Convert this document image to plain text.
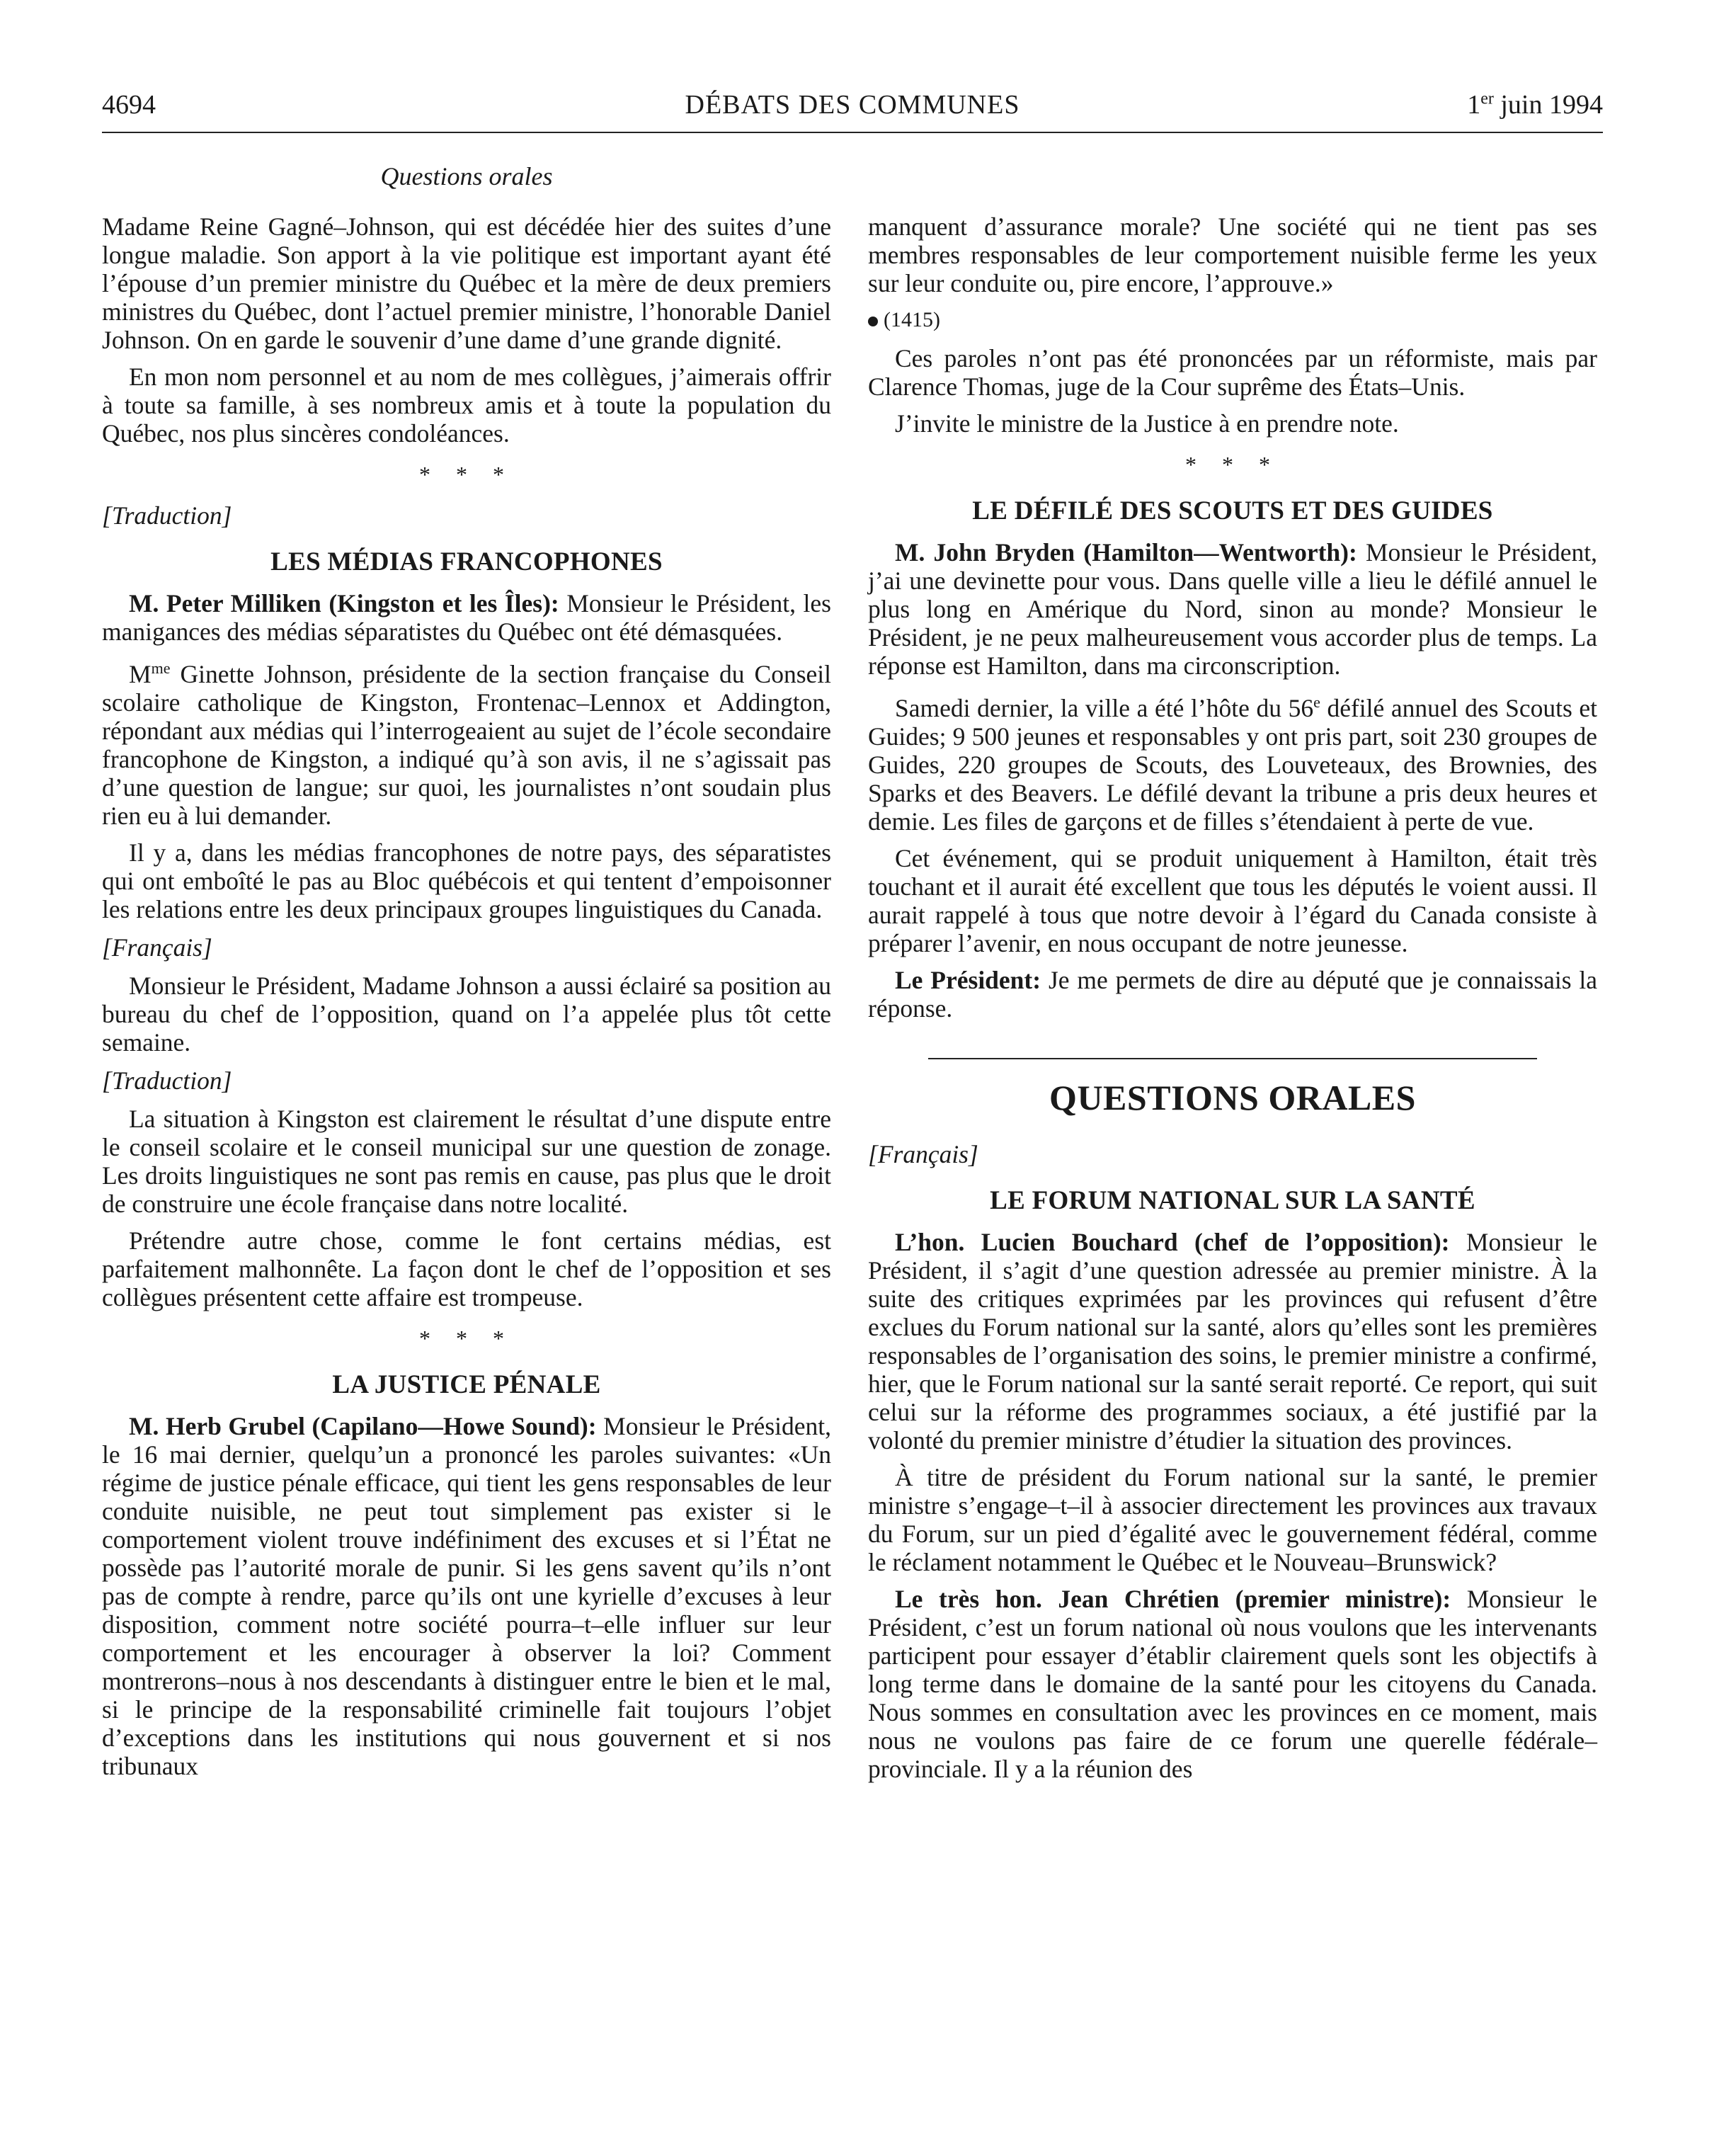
4694	DÉBATS DES COMMUNES	1er juin 1994
Questions orales

Madame Reine Gagné–Johnson, qui est décédée hier des suites d’une longue maladie. Son apport à la vie politique est important ayant été l’épouse d’un premier ministre du Québec et la mère de deux premiers ministres du Québec, dont l’actuel premier ministre, l’honorable Daniel Johnson. On en garde le souvenir d’une dame d’une grande dignité.

En mon nom personnel et au nom de mes collègues, j’aimerais offrir à toute sa famille, à ses nombreux amis et à toute la population du Québec, nos plus sincères condoléances.

* * *
[Traduction]
LES MÉDIAS FRANCOPHONES

M. Peter Milliken (Kingston et les Îles): Monsieur le Président, les manigances des médias séparatistes du Québec ont été démasquées.

$M^{me}$ Ginette Johnson, présidente de la section française du Conseil scolaire catholique de Kingston, Frontenac–Lennox et Addington, répondant aux médias qui l’interrogeaient au sujet de l’école secondaire francophone de Kingston, a indiqué qu’à son avis, il ne s’agissait pas d’une question de langue; sur quoi, les journalistes n’ont soudain plus rien eu à lui demander.

Il y a, dans les médias francophones de notre pays, des séparatistes qui ont emboîté le pas au Bloc québécois et qui tentent d’empoisonner les relations entre les deux principaux groupes linguistiques du Canada.

[Français]

Monsieur le Président, Madame Johnson a aussi éclairé sa position au bureau du chef de l’opposition, quand on l’a appelée plus tôt cette semaine.

[Traduction]

La situation à Kingston est clairement le résultat d’une dispute entre le conseil scolaire et le conseil municipal sur une question de zonage. Les droits linguistiques ne sont pas remis en cause, pas plus que le droit de construire une école française dans notre localité.

Prétendre autre chose, comme le font certains médias, est parfaitement malhonnête. La façon dont le chef de l’opposition et ses collègues présentent cette affaire est trompeuse.

* * *
LA JUSTICE PÉNALE

M. Herb Grubel (Capilano—Howe Sound): Monsieur le Président, le 16 mai dernier, quelqu’un a prononcé les paroles suivantes: «Un régime de justice pénale efficace, qui tient les gens responsables de leur conduite nuisible, ne peut tout simplement pas exister si le comportement violent trouve indéfiniment des excuses et si l’État ne possède pas l’autorité morale de punir. Si les gens savent qu’ils n’ont pas de compte à rendre, parce qu’ils ont une kyrielle d’excuses à leur disposition, comment notre société pourra–t–elle influer sur leur comportement et les encourager à observer la loi? Comment montrerons–nous à nos descendants à distinguer entre le bien et le mal, si le principe de la responsabilité criminelle fait toujours l’objet d’exceptions dans les institutions qui nous gouvernent et si nos tribunaux

manquent d’assurance morale? Une société qui ne tient pas ses membres responsables de leur comportement nuisible ferme les yeux sur leur conduite ou, pire encore, l’approuve.»

(1415)

Ces paroles n’ont pas été prononcées par un réformiste, mais par Clarence Thomas, juge de la Cour suprême des États–Unis.

J’invite le ministre de la Justice à en prendre note.

* * *
LE DÉFILÉ DES SCOUTS ET DES GUIDES

M. John Bryden (Hamilton—Wentworth): Monsieur le Président, j’ai une devinette pour vous. Dans quelle ville a lieu le défilé annuel le plus long en Amérique du Nord, sinon au monde? Monsieur le Président, je ne peux malheureusement vous accorder plus de temps. La réponse est Hamilton, dans ma circonscription.

Samedi dernier, la ville a été l’hôte du 56e défilé annuel des Scouts et Guides; 9 500 jeunes et responsables y ont pris part, soit 230 groupes de Guides, 220 groupes de Scouts, des Louveteaux, des Brownies, des Sparks et des Beavers. Le défilé devant la tribune a pris deux heures et demie. Les files de garçons et de filles s’étendaient à perte de vue.

Cet événement, qui se produit uniquement à Hamilton, était très touchant et il aurait été excellent que tous les députés le voient aussi. Il aurait rappelé à tous que notre devoir à l’égard du Canada consiste à préparer l’avenir, en nous occupant de notre jeunesse.

Le Président: Je me permets de dire au député que je connaissais la réponse.

QUESTIONS ORALES
[Français]
LE FORUM NATIONAL SUR LA SANTÉ

L’hon. Lucien Bouchard (chef de l’opposition): Monsieur le Président, il s’agit d’une question adressée au premier ministre. À la suite des critiques exprimées par les provinces qui refusent d’être exclues du Forum national sur la santé, alors qu’elles sont les premières responsables de l’organisation des soins, le premier ministre a confirmé, hier, que le Forum national sur la santé serait reporté. Ce report, qui suit celui sur la réforme des programmes sociaux, a été justifié par la volonté du premier ministre d’étudier la situation des provinces.

À titre de président du Forum national sur la santé, le premier ministre s’engage–t–il à associer directement les provinces aux travaux du Forum, sur un pied d’égalité avec le gouvernement fédéral, comme le réclament notamment le Québec et le Nouveau–Brunswick?

Le très hon. Jean Chrétien (premier ministre): Monsieur le Président, c’est un forum national où nous voulons que les intervenants participent pour essayer d’établir clairement quels sont les objectifs à long terme dans le domaine de la santé pour les citoyens du Canada. Nous sommes en consultation avec les provinces en ce moment, mais nous ne voulons pas faire de ce forum une querelle fédérale–provinciale. Il y a la réunion des
